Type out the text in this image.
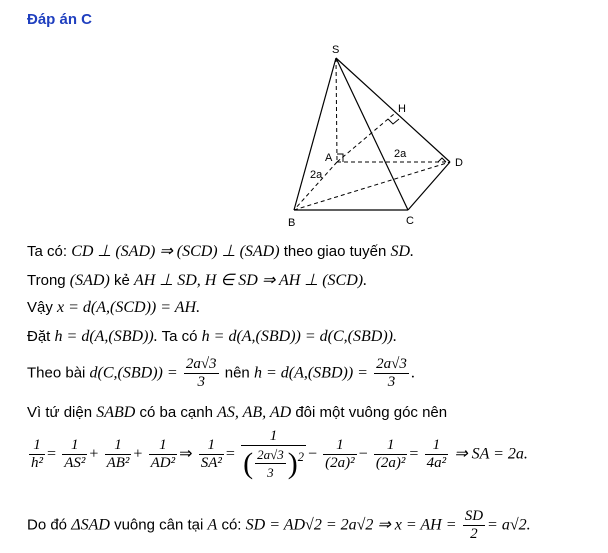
Đáp án C
S
H
A	D
B	C
2a
2a
Ta có: CD ⊥ (SAD) ⇒ (SCD) ⊥ (SAD) theo giao tuyến SD.
Trong (SAD) kẻ AH ⊥ SD, H ∈ SD ⇒ AH ⊥ (SCD).
Vậy x = d(A,(SCD)) = AH.
Đặt h = d(A,(SBD)). Ta có h = d(A,(SBD)) = d(C,(SBD)).
Theo bài $d(C,(SBD)) = \frac{2a√3}{3}$ nên $h = d(A,(SBD)) = \frac{2a√3}{3}$ .
Vì tứ diện SABD có ba cạnh AS, AB, AD đôi một vuông góc nên
$\frac{1}{\text{h²}} = \frac{1}{\text{AS²}} + \frac{1}{\text{AB²}} + \frac{1}{\text{AD²}}$ ⇒ $\frac{1}{\text{SA²}} = \frac{1}{( \frac{2a√3}{3} )^2} - \frac{1}{\text{(2a)²}} - \frac{1}{\text{(2a)²}} = \frac{1}{\text{4a²}}$ ⇒ SA = 2a.
Do đó ΔSAD vuông cân tại A có: SD = AD√2 = 2a√2 ⇒ x = AH = $\frac{SD}{2} = a√2$.
